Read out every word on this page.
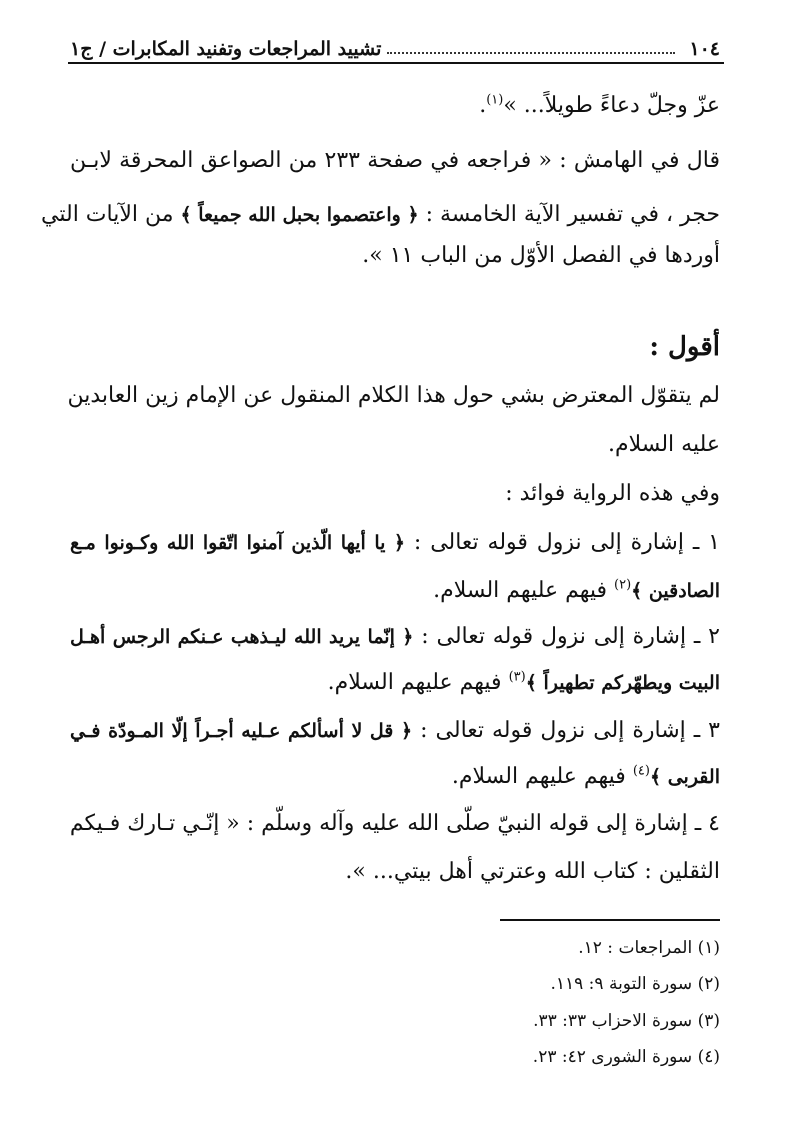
١٠٤
تشييد المراجعات وتفنيد المكابرات / ج١
عزّ وجلّ دعاءً طويلاً... »$^{(١)}$.
قال في الهامش : « فراجعه في صفحة ٢٣٣ من الصواعق المحرقة لابـن
حجر ، في تفسير الآية الخامسة : ﴿ واعتصموا بحبل الله جميعاً ﴾ من الآيات التي
أوردها في الفصل الأوّل من الباب ١١ ».
أقول :
لم يتقوّل المعترض بشي حول هذا الكلام المنقول عن الإمام زين العابدين
عليه السلام.
وفي هذه الرواية فوائد :
١ ـ إشارة إلى نزول قوله تعالى : ﴿ يا أيها الّذين آمنوا اتّقوا الله وكـونوا مـع
الصادقين ﴾$^{(٢)}$ فيهم عليهم السلام.
٢ ـ إشارة إلى نزول قوله تعالى : ﴿ إنّما يريد الله ليـذهب عـنكم الرجس أهـل
البيت ويطهّركم تطهيراً ﴾$^{(٣)}$ فيهم عليهم السلام.
٣ ـ إشارة إلى نزول قوله تعالى : ﴿ قل لا أسألكم عـليه أجـراً إلّا المـودّة فـي
القربى ﴾$^{(٤)}$ فيهم عليهم السلام.
٤ ـ إشارة إلى قوله النبيّ صلّى الله عليه وآله وسلّم : « إنّـي تـارك فـيكم
الثقلين : كتاب الله وعترتي أهل بيتي... ».
(١) المراجعات : ١٢.
(٢) سورة التوبة ٩: ١١٩.
(٣) سورة الاحزاب ٣٣: ٣٣.
(٤) سورة الشورى ٤٢: ٢٣.
